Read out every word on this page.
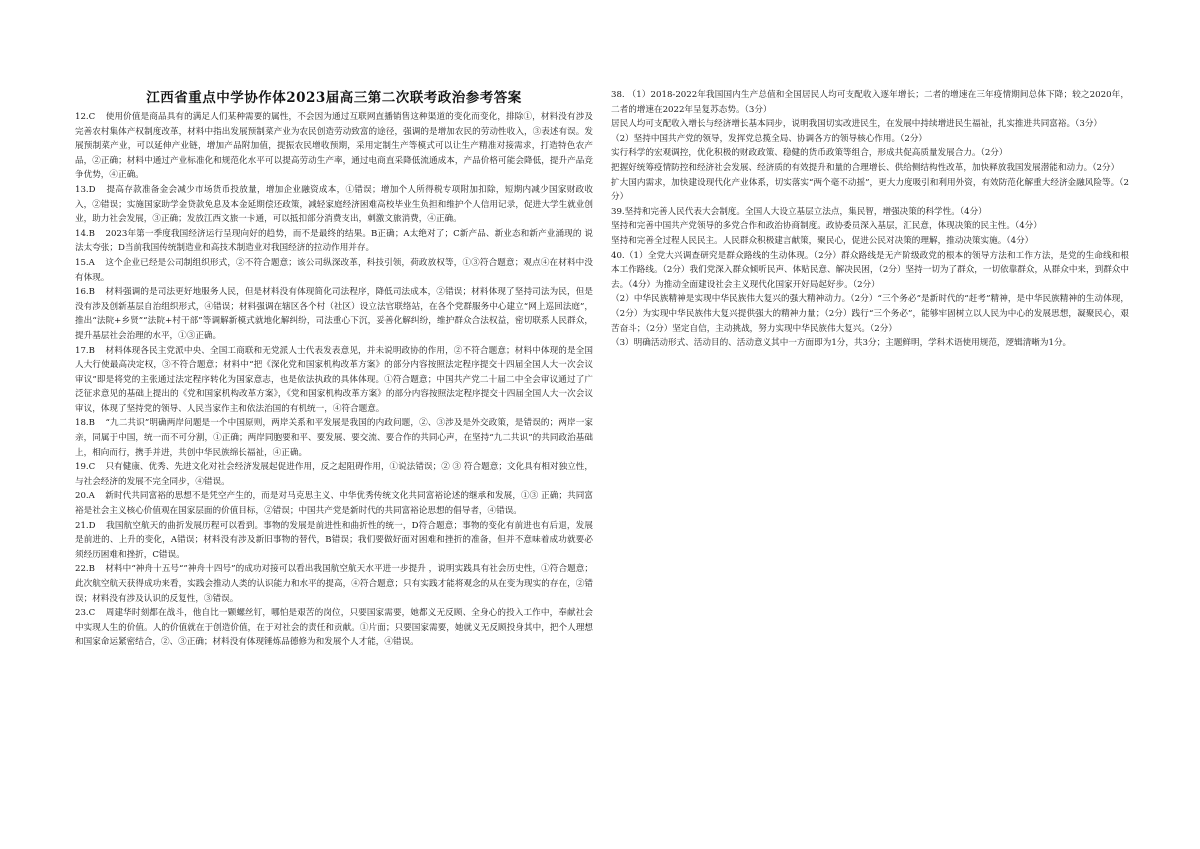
江西省重点中学协作体2023届高三第二次联考政治参考答案

12.C 使用价值是商品具有的满足人们某种需要的属性，不会因为通过互联网直播销售这种渠道的变化而变化，排除①，材料没有涉及完善农村集体产权制度改革，材料中指出发展预制菜产业为农民创造劳动致富的途径，强调的是增加农民的劳动性收入，③表述有误。发展预制菜产业，可以延伸产业链，增加产品附加值，提振农民增收预期，采用定制生产等模式可以让生产精准对接需求，打造特色农产品，②正确；材料中通过产业标准化和规范化水平可以提高劳动生产率，通过电商直采降低流通成本，产品价格可能会降低，提升产品竞争优势，④正确。

13.D 提高存款准备金会减少市场货币投放量，增加企业融资成本，①错误；增加个人所得税专项附加扣除，短期内减少国家财政收入，②错误；实施国家助学金贷款免息及本金延期偿还政策，减轻家庭经济困难高校毕业生负担和维护个人信用记录，促进大学生就业创业，助力社会发展，③正确；发放江西文旅一卡通，可以抵扣部分消费支出，刺激文旅消费，④正确。

14.B 2023年第一季度我国经济运行呈现向好的趋势，而不是最终的结果。B正确；A太绝对了；C新产品、新业态和新产业涌现的 说法太夸张；D当前我国传统制造业和高技术制造业对我国经济的拉动作用并存。

15.A 这个企业已经是公司制组织形式，②不符合题意；该公司纵深改革，科技引领，荷政放权等，①③符合题意；观点④在材料中没有体现。

16.B 材料强调的是司法更好地服务人民，但是材料没有体现简化司法程序，降低司法成本，②错误；材料体现了坚持司法为民，但是没有涉及创新基层自治组织形式，④错误；材料强调在辖区各个村（社区）设立法官联络站，在各个党群服务中心建立“网上巡回法庭”，推出“法院+乡贤”“法院+村干部”等调解新模式就地化解纠纷，司法重心下沉，妥善化解纠纷，维护群众合法权益，密切联系人民群众，提升基层社会治理的水平，①③正确。

17.B 材料体现各民主党派中央、全国工商联和无党派人士代表发表意见，并未说明政协的作用，②不符合题意；材料中体现的是全国人大行使最高决定权，③不符合题意；材料中“把《深化党和国家机构改革方案》的部分内容按照法定程序提交十四届全国人大一次会议审议”即是将党的主张通过法定程序转化为国家意志，也是依法执政的具体体现。①符合题意；中国共产党二十届二中全会审议通过了广泛征求意见的基础上提出的《党和国家机构改革方案》，《党和国家机构改革方案》的部分内容按照法定程序提交十四届全国人大一次会议审议，体现了坚持党的领导、人民当家作主和依法治国的有机统一，④符合题意。

18.B “九二共识”明确两岸问题是一个中国原则，两岸关系和平发展是我国的内政问题，②、③涉及是外交政策，是错误的；两岸一家亲，同属于中国，统一而不可分割，①正确；两岸同胞要和平、要发展、要交流、要合作的共同心声，在坚持“九二共识”的共同政治基础上，相向而行，携手并进，共创中华民族绵长福祉，④正确。

19.C 只有健康、优秀、先进文化对社会经济发展起促进作用，反之起阻碍作用，①说法错误；② ③ 符合题意；文化具有相对独立性，与社会经济的发展不完全同步，④错误。

20.A 新时代共同富裕的思想不是凭空产生的，而是对马克思主义、中华优秀传统文化共同富裕论述的继承和发展，①③ 正确；共同富裕是社会主义核心价值观在国家层面的价值目标，②错误；中国共产党是新时代的共同富裕论思想的倡导者，④错误。

21.D 我国航空航天的曲折发展历程可以看到。事物的发展是前进性和曲折性的统一，D符合题意；事物的变化有前进也有后退，发展是前进的、上升的变化，A错误；材料没有涉及新旧事物的替代，B错误；我们要做好面对困难和挫折的准备，但并不意味着成功就要必须经历困难和挫折，C错误。

22.B 材料中“神舟十五号“”神舟十四号”的成功对接可以看出我国航空航天水平进一步提升 ，说明实践具有社会历史性，①符合题意；此次航空航天获得成功来看，实践会推动人类的认识能力和水平的提高，④符合题意；只有实践才能将观念的从在变为现实的存在，②错误；材料没有涉及认识的反复性，③错误。

23.C 周建华时刻都在战斗，他自比一颗螺丝钉，哪怕是艰苦的岗位，只要国家需要，她都义无反顾、全身心的投入工作中，奉献社会中实现人生的价值。人的价值就在于创造价值，在于对社会的责任和贡献。①片面；只要国家需要，她就义无反顾投身其中，把个人理想和国家命运紧密结合，②、③正确；材料没有体现锤炼品德修为和发展个人才能，④错误。

38. （1）2018-2022年我国国内生产总值和全国居民人均可支配收入逐年增长；二者的增速在三年疫情期间总体下降；较之2020年，二者的增速在2022年呈复苏态势。（3分）

居民人均可支配收入增长与经济增长基本同步，说明我国切实改进民生，在发展中持续增进民生福祉，扎实推进共同富裕。（3分）

（2）坚持中国共产党的领导，发挥党总揽全局、协调各方的领导核心作用。（2分）

实行科学的宏观调控，优化积极的财政政策、稳健的货币政策等组合，形成共促高质量发展合力。（2分）

把握好统筹疫情防控和经济社会发展、经济质的有效提升和量的合理增长、供给侧结构性改革，加快释放我国发展潜能和动力。（2分）

扩大国内需求，加快建设现代化产业体系，切实落实“两个毫不动摇”，更大力度吸引和利用外资，有效防范化解重大经济金融风险等。（2分）

39.坚持和完善人民代表大会制度。全国人大设立基层立法点，集民智，增强决策的科学性。（4分）

坚持和完善中国共产党领导的多党合作和政治协商制度。政协委员深入基层，汇民意，体现决策的民主性。（4分）

坚持和完善全过程人民民主。人民群众积极建言献策，聚民心，促进公民对决策的理解，推动决策实施。（4分）

40.（1）全党大兴调查研究是群众路线的生动体现。（2分）群众路线是无产阶级政党的根本的领导方法和工作方法，是党的生命线和根本工作路线。（2分）我们党深入群众倾听民声、体贴民意、解决民困，（2分）坚持一切为了群众，一切依靠群众，从群众中来，到群众中去。（4分）为推动全面建设社会主义现代化国家开好局起好步。（2分）

（2）中华民族精神是实现中华民族伟大复兴的强大精神动力。（2分）“三个务必”是新时代的“赶考”精神，是中华民族精神的生动体现，（2分）为实现中华民族伟大复兴提供强大的精神力量；（2分）践行“三个务必”，能够牢固树立以人民为中心的发展思想，凝聚民心，艰苦奋斗；（2分）坚定自信，主动挑战，努力实现中华民族伟大复兴。（2分）

（3）明确活动形式、活动目的、活动意义其中一方面即为1分，共3分；主题鲜明，学科术语使用规范，逻辑清晰为1分。
